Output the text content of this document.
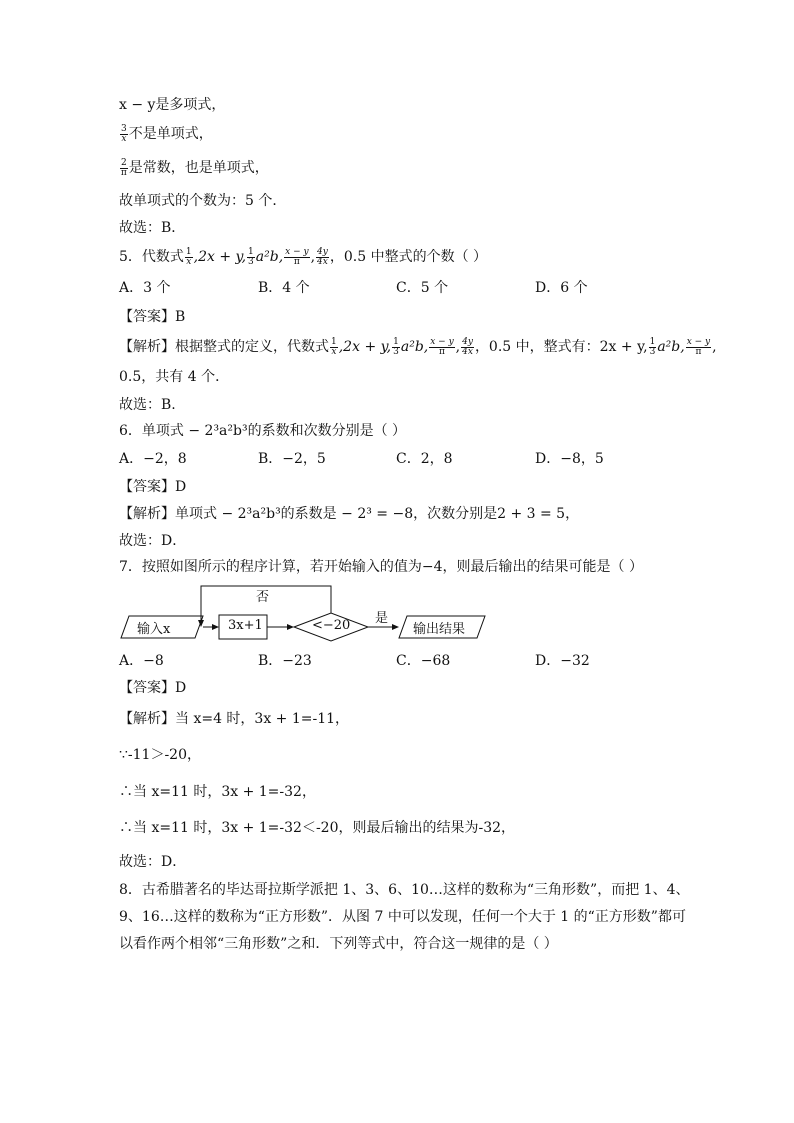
x − y是多项式，
$\frac{3}{x}$ 不是单项式，
$\frac{2}{\pi}$ 是常数，也是单项式，
故单项式的个数为：5 个．
故选：B．
5．代数式 $\frac{1}{x} ,2x + y$, $\frac{1}{3} a^2b$, $\frac{x - y}{\pi}$ , $\frac{4y}{4x}$ ，0.5 中整式的个数（ ）
A．3 个	B．4 个	C．5 个	D．6 个
【答案】B
【解析】根据整式的定义，代数式 $\frac{1}{x} ,2x + y$, $\frac{1}{3} a^2b$, $\frac{x - y}{\pi}$ , $\frac{4y}{4x}$ ，0.5 中，整式有：2x + y, $\frac{1}{3} a^2b$, $\frac{x - y}{\pi}$ ,
0.5，共有 4 个．
故选：B.
6．单项式 − 2³a²b³的系数和次数分别是（ ）
A．−2，8	B．−2，5	C．2，8	D．−8，5
【答案】D
【解析】单项式 − 2³a²b³的系数是 − 2³ = −8，次数分别是2 + 3 = 5，
故选：D．
7．按照如图所示的程序计算，若开始输入的值为−4，则最后输出的结果可能是（ ）
输入x	3x+1	<−20
否
是
输出结果
A．−8	B．−23	C．−68	D．−32
【答案】D
【解析】当 x=4 时，3x + 1=-11，
∵-11＞-20，
∴当 x=11 时，3x + 1=-32，
∴当 x=11 时，3x + 1=-32＜-20，则最后输出的结果为-32，
故选：D．
8．古希腊著名的毕达哥拉斯学派把 1、3、6、10…这样的数称为“三角形数”，而把 1、4、
9、16…这样的数称为“正方形数”．从图 7 中可以发现，任何一个大于 1 的“正方形数”都可
以看作两个相邻“三角形数”之和．下列等式中，符合这一规律的是（ ）
